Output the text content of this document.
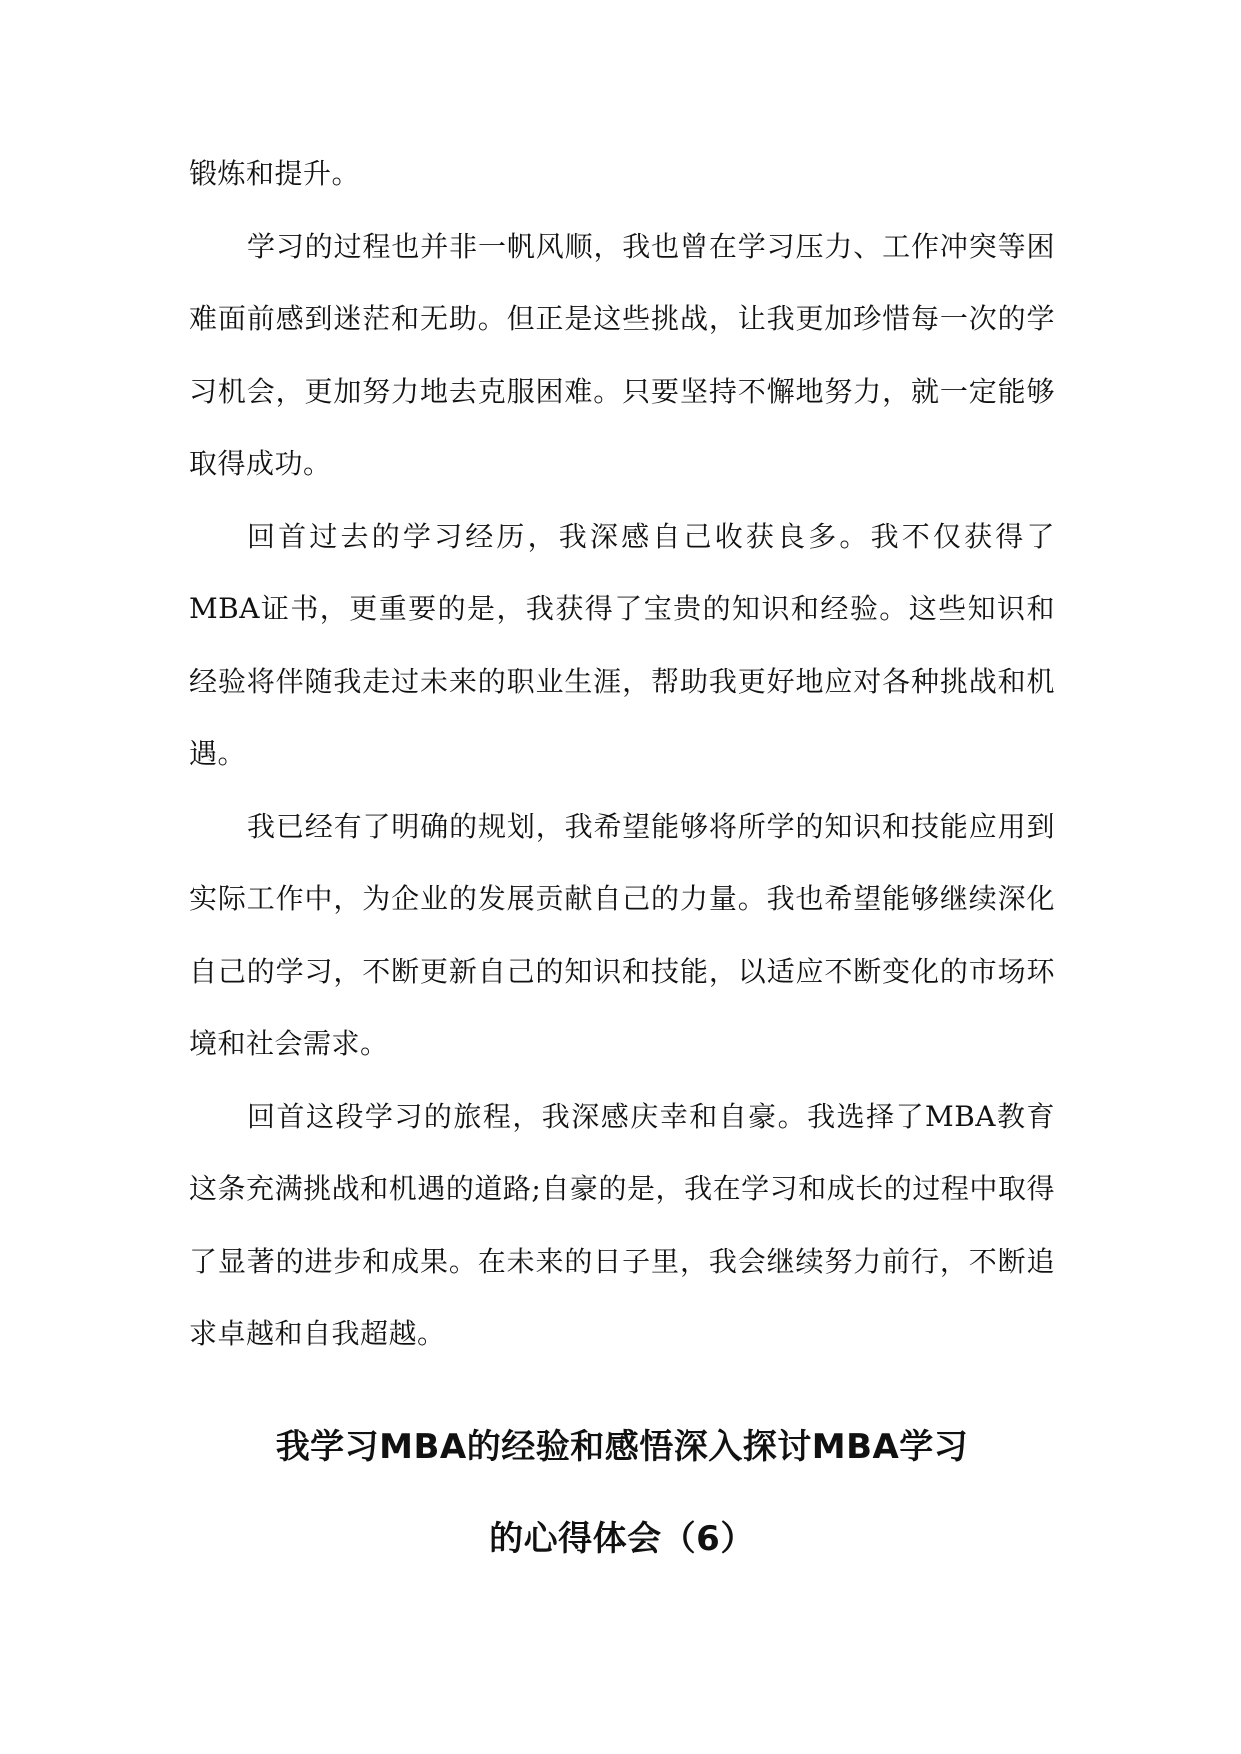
锻炼和提升。

学习的过程也并非一帆风顺，我也曾在学习压力、工作冲突等困难面前感到迷茫和无助。但正是这些挑战，让我更加珍惜每一次的学习机会，更加努力地去克服困难。只要坚持不懈地努力，就一定能够取得成功。

回首过去的学习经历，我深感自己收获良多。我不仅获得了MBA证书，更重要的是，我获得了宝贵的知识和经验。这些知识和经验将伴随我走过未来的职业生涯，帮助我更好地应对各种挑战和机遇。

我已经有了明确的规划，我希望能够将所学的知识和技能应用到实际工作中，为企业的发展贡献自己的力量。我也希望能够继续深化自己的学习，不断更新自己的知识和技能，以适应不断变化的市场环境和社会需求。

回首这段学习的旅程，我深感庆幸和自豪。我选择了MBA教育这条充满挑战和机遇的道路;自豪的是，我在学习和成长的过程中取得了显著的进步和成果。在未来的日子里，我会继续努力前行，不断追求卓越和自我超越。

我学习MBA的经验和感悟深入探讨MBA学习

的心得体会（6）
